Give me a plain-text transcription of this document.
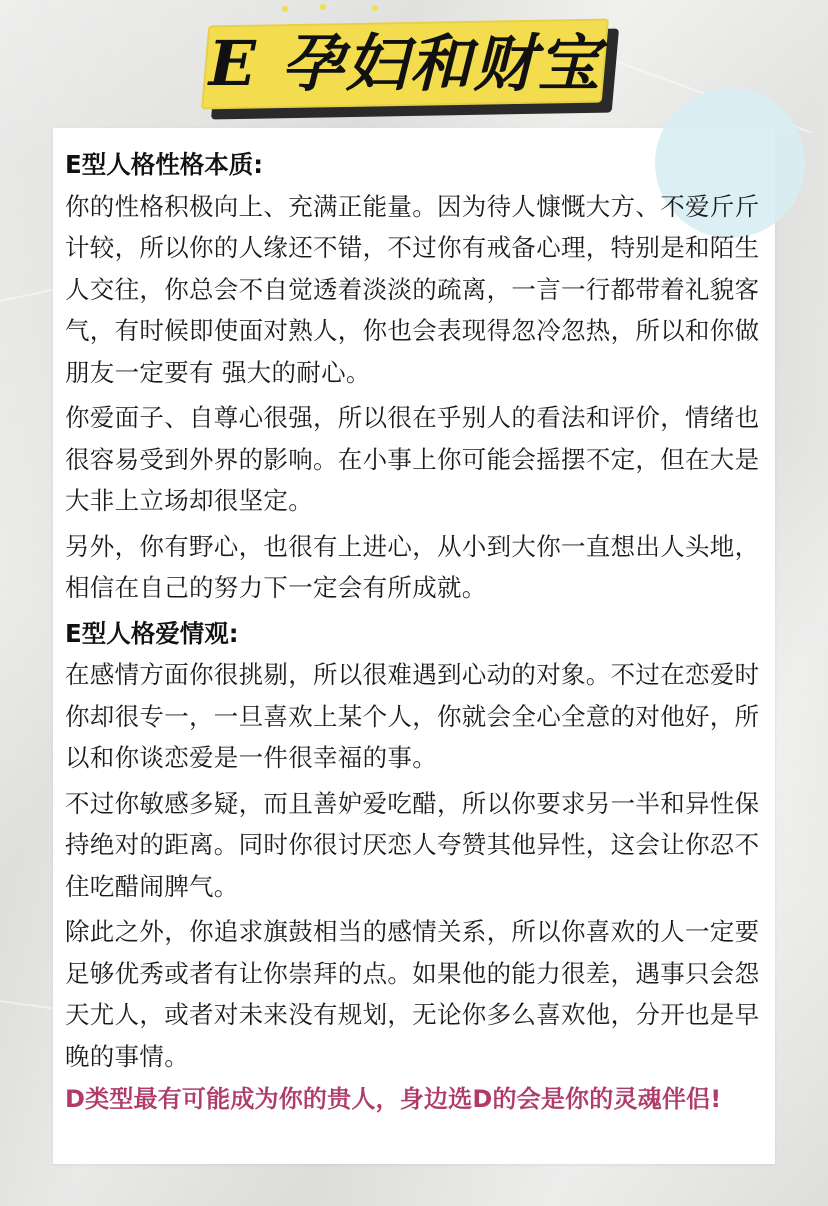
E 孕妇和财宝

E型人格性格本质:

你的性格积极向上、充满正能量。因为待人慷慨大方、不爱斤斤计较，所以你的人缘还不错，不过你有戒备心理，特别是和陌生人交往，你总会不自觉透着淡淡的疏离，一言一行都带着礼貌客气，有时候即使面对熟人，你也会表现得忽冷忽热，所以和你做朋友一定要有 强大的耐心。

你爱面子、自尊心很强，所以很在乎别人的看法和评价，情绪也很容易受到外界的影响。在小事上你可能会摇摆不定，但在大是大非上立场却很坚定。

另外，你有野心，也很有上进心，从小到大你一直想出人头地，相信在自己的努力下一定会有所成就。

E型人格爱情观:

在感情方面你很挑剔，所以很难遇到心动的对象。不过在恋爱时你却很专一，一旦喜欢上某个人，你就会全心全意的对他好，所以和你谈恋爱是一件很幸福的事。

不过你敏感多疑，而且善妒爱吃醋，所以你要求另一半和异性保持绝对的距离。同时你很讨厌恋人夸赞其他异性，这会让你忍不住吃醋闹脾气。

除此之外，你追求旗鼓相当的感情关系，所以你喜欢的人一定要足够优秀或者有让你崇拜的点。如果他的能力很差，遇事只会怨天尤人，或者对未来没有规划，无论你多么喜欢他，分开也是早晚的事情。

D类型最有可能成为你的贵人，身边选D的会是你的灵魂伴侣!
